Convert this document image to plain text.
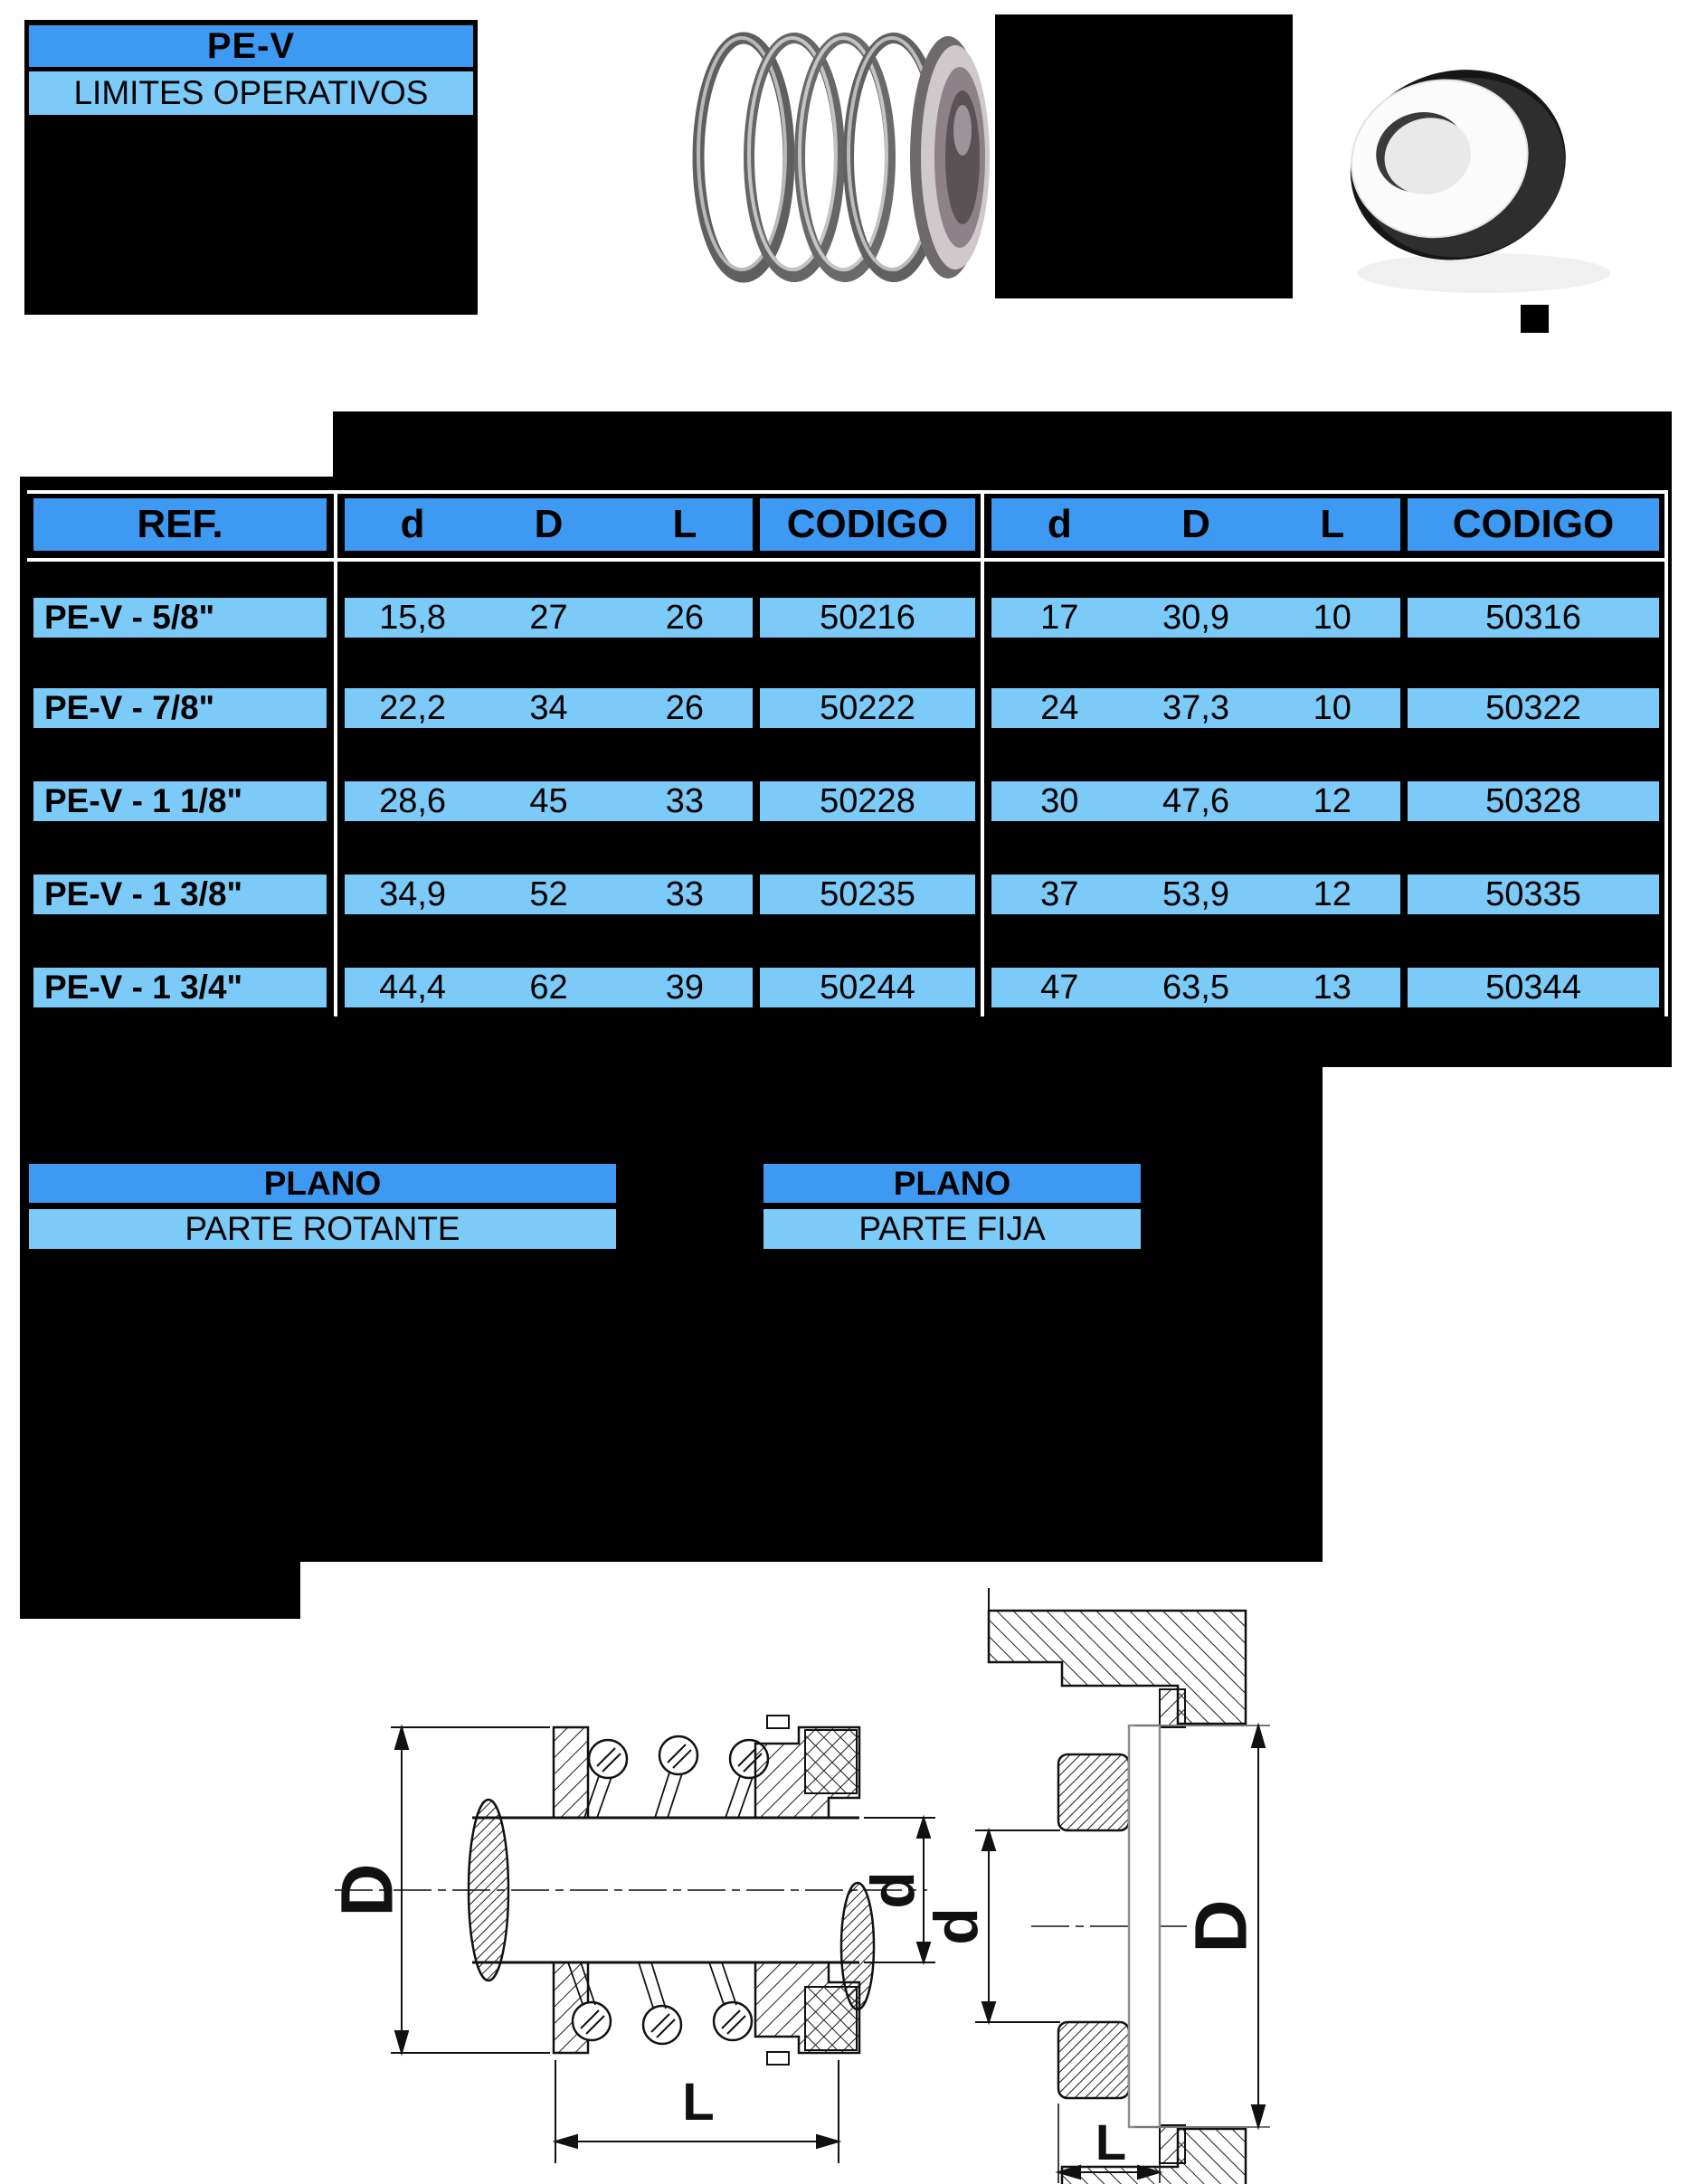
PE-V
LIMITES OPERATIVOS
REF.	d	D	L	CODIGO	d	D	L	CODIGO
PE-V - 5/8"	15,8	27	26	50216	17	30,9	10	50316
PE-V - 7/8"	22,2	34	26	50222	24	37,3	10	50322
PE-V - 1 1/8"	28,6	45	33	50228	30	47,6	12	50328
PE-V - 1 3/8"	34,9	52	33	50235	37	53,9	12	50335
PE-V - 1 3/4"	44,4	62	39	50244	47	63,5	13	50344
PLANO
PARTE ROTANTE
PLANO
PARTE FIJA
D	d
L
d	D
L
